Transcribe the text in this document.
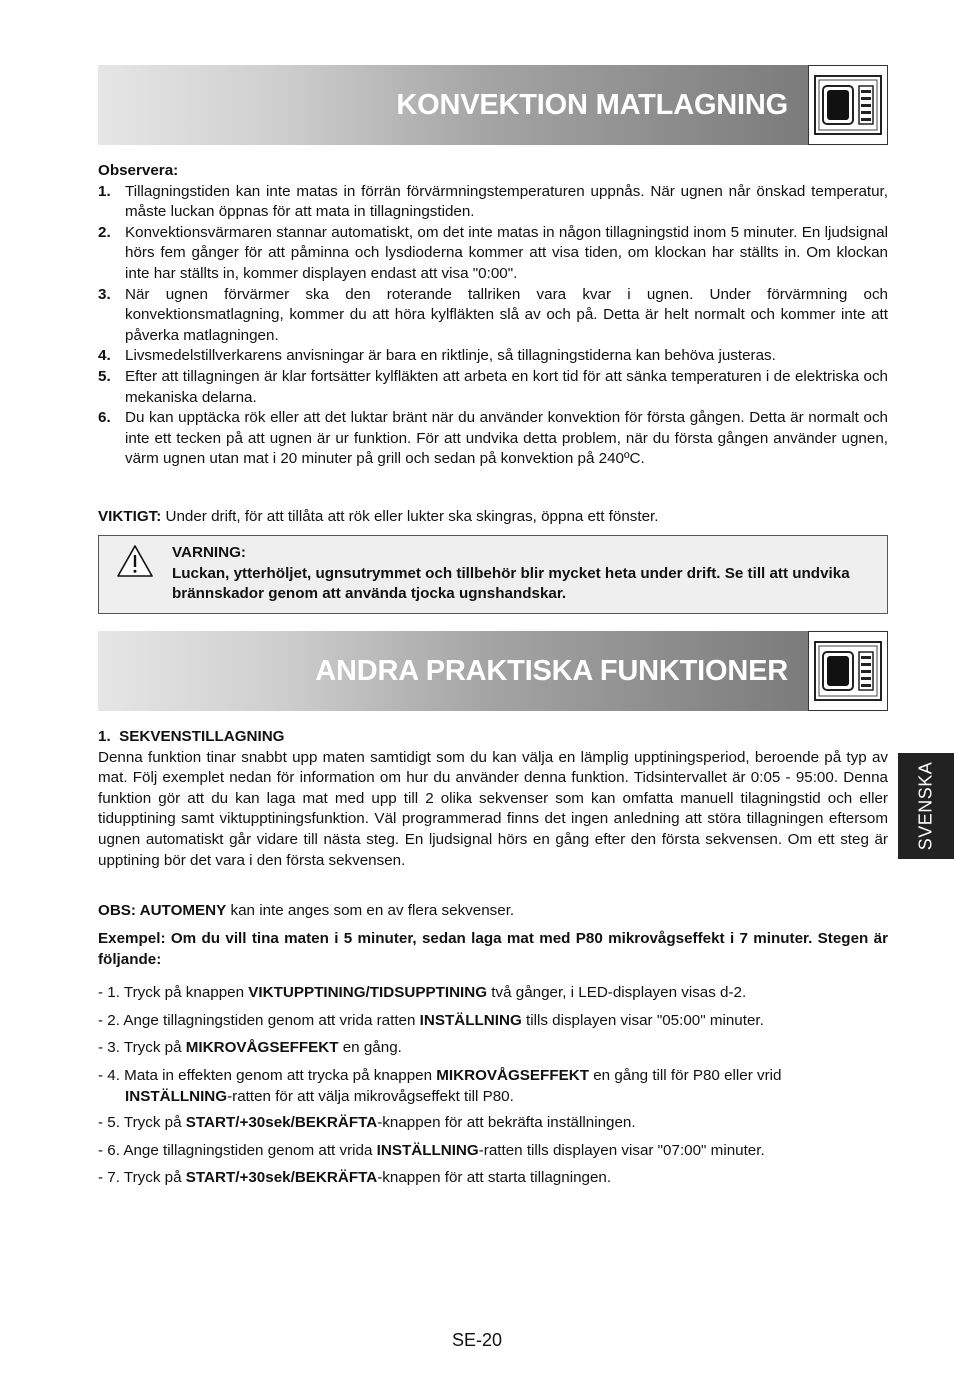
KONVEKTION MATLAGNING
Observera:
1. Tillagningstiden kan inte matas in förrän förvärmningstemperaturen uppnås. När ugnen når önskad temperatur, måste luckan öppnas för att mata in tillagningstiden.
2. Konvektionsvärmaren stannar automatiskt, om det inte matas in någon tillagningstid inom 5 minuter. En ljudsignal hörs fem gånger för att påminna och lysdioderna kommer att visa tiden, om klockan har ställts in. Om klockan inte har ställts in, kommer displayen endast att visa "0:00".
3. När ugnen förvärmer ska den roterande tallriken vara kvar i ugnen. Under förvärmning och konvektionsmatlagning, kommer du att höra kylfläkten slå av och på. Detta är helt normalt och kommer inte att påverka matlagningen.
4. Livsmedelstillverkarens anvisningar är bara en riktlinje, så tillagningstiderna kan behöva justeras.
5. Efter att tillagningen är klar fortsätter kylfläkten att arbeta en kort tid för att sänka temperaturen i de elektriska och mekaniska delarna.
6. Du kan upptäcka rök eller att det luktar bränt när du använder konvektion för första gången. Detta är normalt och inte ett tecken på att ugnen är ur funktion. För att undvika detta problem, när du första gången använder ugnen, värm ugnen utan mat i 20 minuter på grill och sedan på konvektion på 240ºC.
VIKTIGT: Under drift, för att tillåta att rök eller lukter ska skingras, öppna ett fönster.
VARNING:
Luckan, ytterhöljet, ugnsutrymmet och tillbehör blir mycket heta under drift. Se till att undvika brännskador genom att använda tjocka ugnshandskar.
ANDRA PRAKTISKA FUNKTIONER
1.  SEKVENSTILLAGNING
Denna funktion tinar snabbt upp maten samtidigt som du kan välja en lämplig upptiningsperiod, beroende på typ av mat. Följ exemplet nedan för information om hur du använder denna funktion. Tidsintervallet är 0:05 - 95:00. Denna funktion gör att du kan laga mat med upp till 2 olika sekvenser som kan omfatta manuell tilagningstid och eller tidupptining samt viktupptiningsfunktion. Väl programmerad finns det ingen anledning att störa tillagningen eftersom ugnen automatiskt går vidare till nästa steg. En ljudsignal hörs en gång efter den första sekvensen. Om ett steg är upptining bör det vara i den första sekvensen.
OBS: AUTOMENY kan inte anges som en av flera sekvenser.
Exempel: Om du vill tina maten i 5 minuter, sedan laga mat med P80 mikrovågseffekt i 7 minuter. Stegen är följande:
- 1. Tryck på knappen VIKTUPPTINING/TIDSUPPTINING två gånger, i LED-displayen visas d-2.
- 2. Ange tillagningstiden genom att vrida ratten INSTÄLLNING tills displayen visar "05:00" minuter.
- 3. Tryck på MIKROVÅGSEFFEKT en gång.
- 4. Mata in effekten genom att trycka på knappen MIKROVÅGSEFFEKT en gång till för P80 eller vrid INSTÄLLNING-ratten för att välja mikrovågseffekt till P80.
- 5. Tryck på START/+30sek/BEKRÄFTA-knappen för att bekräfta inställningen.
- 6. Ange tillagningstiden genom att vrida INSTÄLLNING-ratten tills displayen visar "07:00" minuter.
- 7. Tryck på START/+30sek/BEKRÄFTA-knappen för att starta tillagningen.
SVENSKA
SE-20
